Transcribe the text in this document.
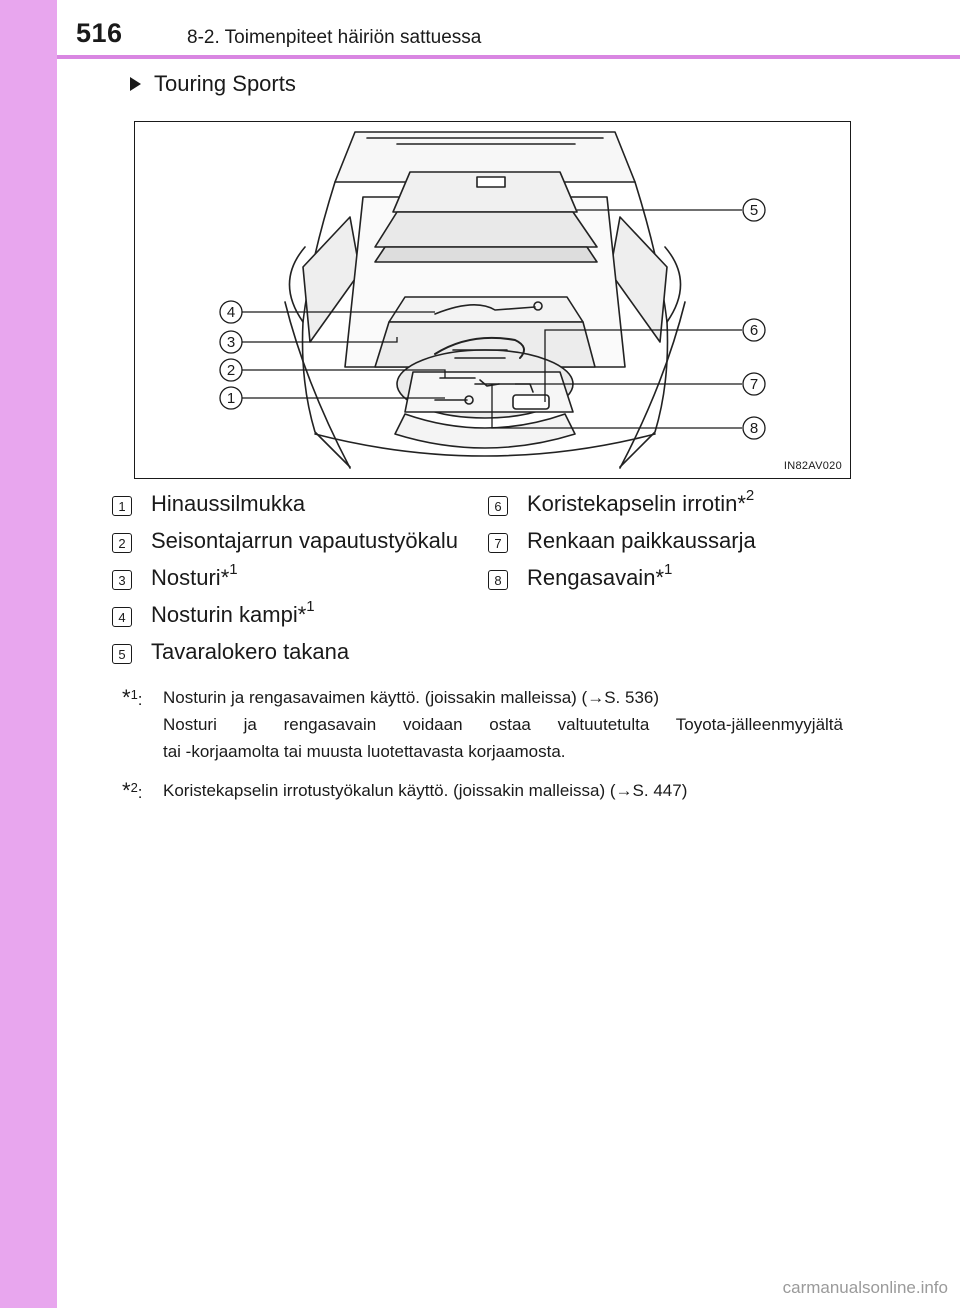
516	8-2. Toimenpiteet häiriön sattuessa
Touring Sports
1
2
3
4
5
6
7
8
IN82AV020
1 Hinaussilmukka
2 Seisontajarrun vapautustyökalu
3 Nosturi *$^1$
4 Nosturin kampi *$^1$
5 Tavaralokero takana
6 Koristekapselin irrotin *$^2$
7 Renkaan paikkaussarja
8 Rengasavain *$^1$
*$^1$: Nosturin ja rengasavaimen käyttö. (joissakin malleissa) (→S. 536)

Nosturi ja rengasavain voidaan ostaa valtuutetulta Toyota-jälleenmyyjältä

tai -korjaamolta tai muusta luotettavasta korjaamosta.

*$^2$: Koristekapselin irrotustyökalun käyttö. (joissakin malleissa) (→S. 447)

carmanualsonline.info
